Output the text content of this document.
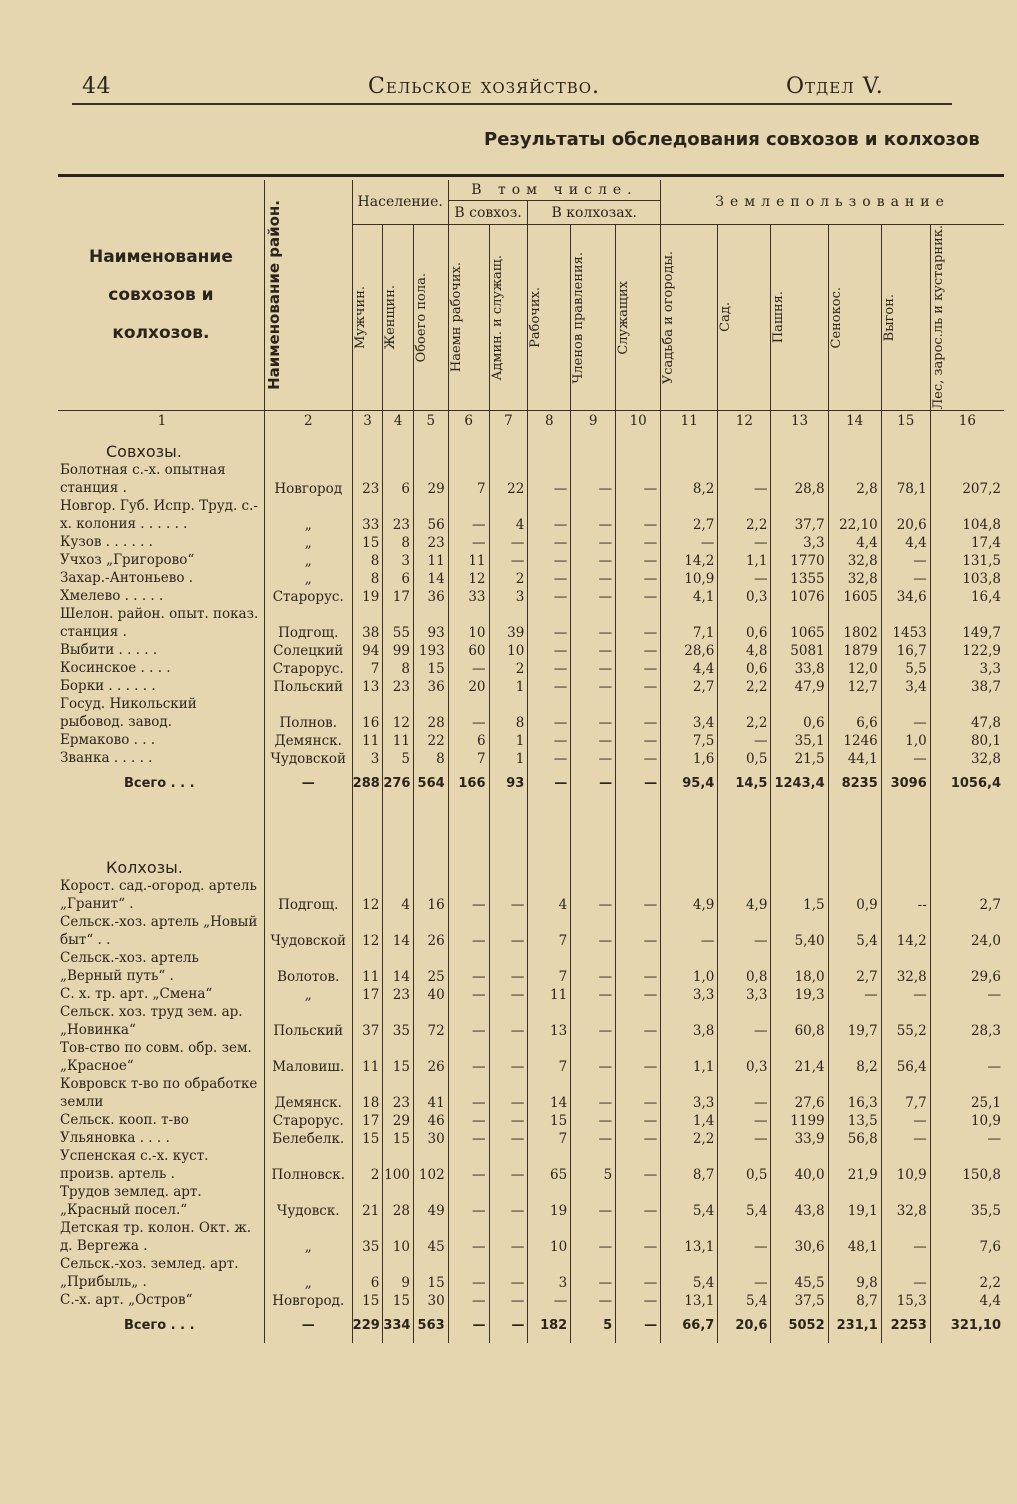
44	Сельское хозяйство.	Отдел V.
Результаты обследования совхозов и колхозов
Наименование совхозов и колхозов.	Наименование район.	Население.			В том числе.					Землепользование					
					В совхоз.		В колхозах.								

		Мужчин.	Женщин.	Обоего пола.	Наемн рабочих.	Админ. и служащ.	Рабочих.	Членов правления.	Служащих	Усадьба и огороды.	Сад.	Пашня.	Сенокос.	Выгон.	Лес, зарос.ль и кустарник.

1	2	3	4	5	6	7	8	9	10	11	12	13	14	15	16
Совхозы.															
Болотная с.-х. опытная станция .	Новгород	23	6	29	7	22	—	—	—	8,2	—	28,8	2,8	78,1	207,2
Новгор. Губ. Испр. Труд. с.-х. колония . . . . . .	„	33	23	56	—	4	—	—	—	2,7	2,2	37,7	22,10	20,6	104,8
Кузов . . . . . .	„	15	8	23	—	—	—	—	—	—	—	3,3	4,4	4,4	17,4
Учхоз „Григорово“	„	8	3	11	11	—	—	—	—	14,2	1,1	1770	32,8	—	131,5
Захар.-Антоньево .	„	8	6	14	12	2	—	—	—	10,9	—	1355	32,8	—	103,8
Хмелево . . . . .	Старорус.	19	17	36	33	3	—	—	—	4,1	0,3	1076	1605	34,6	16,4
Шелон. район. опыт. показ. станция .	Подгощ.	38	55	93	10	39	—	—	—	7,1	0,6	1065	1802	1453	149,7
Выбити . . . . .	Солецкий	94	99	193	60	10	—	—	—	28,6	4,8	5081	1879	16,7	122,9
Косинское . . . .	Старорус.	7	8	15	—	2	—	—	—	4,4	0,6	33,8	12,0	5,5	3,3
Борки . . . . . .	Польский	13	23	36	20	1	—	—	—	2,7	2,2	47,9	12,7	3,4	38,7
Госуд. Никольский рыбовод. завод.	Полнов.	16	12	28	—	8	—	—	—	3,4	2,2	0,6	6,6	—	47,8
Ермаково . . .	Демянск.	11	11	22	6	1	—	—	—	7,5	—	35,1	1246	1,0	80,1
Званка . . . . .	Чудовской	3	5	8	7	1	—	—	—	1,6	0,5	21,5	44,1	—	32,8
Всего . . .	—	288	276	564	166	93	—	—	—	95,4	14,5	1243,4	8235	3096	1056,4

Колхозы.															
Корост. сад.-огород. артель „Гранит“ .	Подгощ.	12	4	16	—	—	4	—	—	4,9	4,9	1,5	0,9	--	2,7
Сельск.-хоз. артель „Новый быт“ . .	Чудовской	12	14	26	—	—	7	—	—	—	—	5,40	5,4	14,2	24,0
Сельск.-хоз. артель „Верный путь“ .	Волотов.	11	14	25	—	—	7	—	—	1,0	0,8	18,0	2,7	32,8	29,6
С. х. тр. арт. „Смена“	„	17	23	40	—	—	11	—	—	3,3	3,3	19,3	—	—	—
Сельск. хоз. труд зем. ар. „Новинка“	Польский	37	35	72	—	—	13	—	—	3,8	—	60,8	19,7	55,2	28,3
Тов-ство по совм. обр. зем. „Красное“	Маловиш.	11	15	26	—	—	7	—	—	1,1	0,3	21,4	8,2	56,4	—
Ковровск т-во по обработке земли	Демянск.	18	23	41	—	—	14	—	—	3,3	—	27,6	16,3	7,7	25,1
Сельск. кооп. т-во	Старорус.	17	29	46	—	—	15	—	—	1,4	—	1199	13,5	—	10,9
Ульяновка . . . .	Белебелк.	15	15	30	—	—	7	—	—	2,2	—	33,9	56,8	—	—
Успенская с.-х. куст. произв. артель .	Полновск.	2	100	102	—	—	65	5	—	8,7	0,5	40,0	21,9	10,9	150,8
Трудов землед. арт. „Красный посел.“	Чудовск.	21	28	49	—	—	19	—	—	5,4	5,4	43,8	19,1	32,8	35,5
Детская тр. колон. Окт. ж. д. Вергежа .	„	35	10	45	—	—	10	—	—	13,1	—	30,6	48,1	—	7,6
Сельск.-хоз. землед. арт. „Прибыль„ .	„	6	9	15	—	—	3	—	—	5,4	—	45,5	9,8	—	2,2
С.-х. арт. „Остров“	Новгород.	15	15	30	—	—	—	—	—	13,1	5,4	37,5	8,7	15,3	4,4
Всего . . .	—	229	334	563	—	—	182	5	—	66,7	20,6	5052	231,1	2253	321,10
